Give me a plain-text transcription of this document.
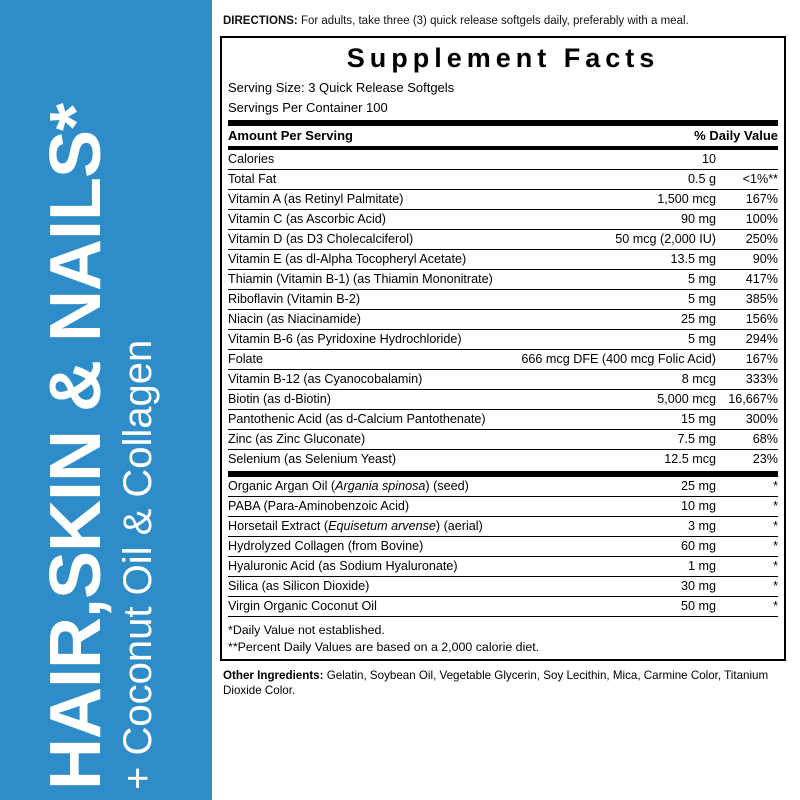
HAIR,SKIN & NAILS* + Coconut Oil & Collagen
DIRECTIONS: For adults, take three (3) quick release softgels daily, preferably with a meal.
Supplement Facts
Serving Size: 3 Quick Release Softgels
Servings Per Container 100
Amount Per Serving		% Daily Value
Calories	10	
Total Fat	0.5 g	<1%**
Vitamin A (as Retinyl Palmitate)	1,500 mcg	167%
Vitamin C (as Ascorbic Acid)	90 mg	100%
Vitamin D (as D3 Cholecalciferol)	50 mcg (2,000 IU)	250%
Vitamin E (as dl-Alpha Tocopheryl Acetate)	13.5 mg	90%
Thiamin (Vitamin B-1) (as Thiamin Mononitrate)	5 mg	417%
Riboflavin (Vitamin B-2)	5 mg	385%
Niacin (as Niacinamide)	25 mg	156%
Vitamin B-6 (as Pyridoxine Hydrochloride)	5 mg	294%
Folate	666 mcg DFE (400 mcg Folic Acid)	167%
Vitamin B-12 (as Cyanocobalamin)	8 mcg	333%
Biotin (as d-Biotin)	5,000 mcg	16,667%
Pantothenic Acid (as d-Calcium Pantothenate)	15 mg	300%
Zinc (as Zinc Gluconate)	7.5 mg	68%
Selenium (as Selenium Yeast)	12.5 mcg	23%
Organic Argan Oil (Argania spinosa) (seed)	25 mg	*
PABA (Para-Aminobenzoic Acid)	10 mg	*
Horsetail Extract (Equisetum arvense) (aerial)	3 mg	*
Hydrolyzed Collagen (from Bovine)	60 mg	*
Hyaluronic Acid (as Sodium Hyaluronate)	1 mg	*
Silica (as Silicon Dioxide)	30 mg	*
Virgin Organic Coconut Oil	50 mg	*
*Daily Value not established.
**Percent Daily Values are based on a 2,000 calorie diet.
Other Ingredients: Gelatin, Soybean Oil, Vegetable Glycerin, Soy Lecithin, Mica, Carmine Color, Titanium Dioxide Color.
